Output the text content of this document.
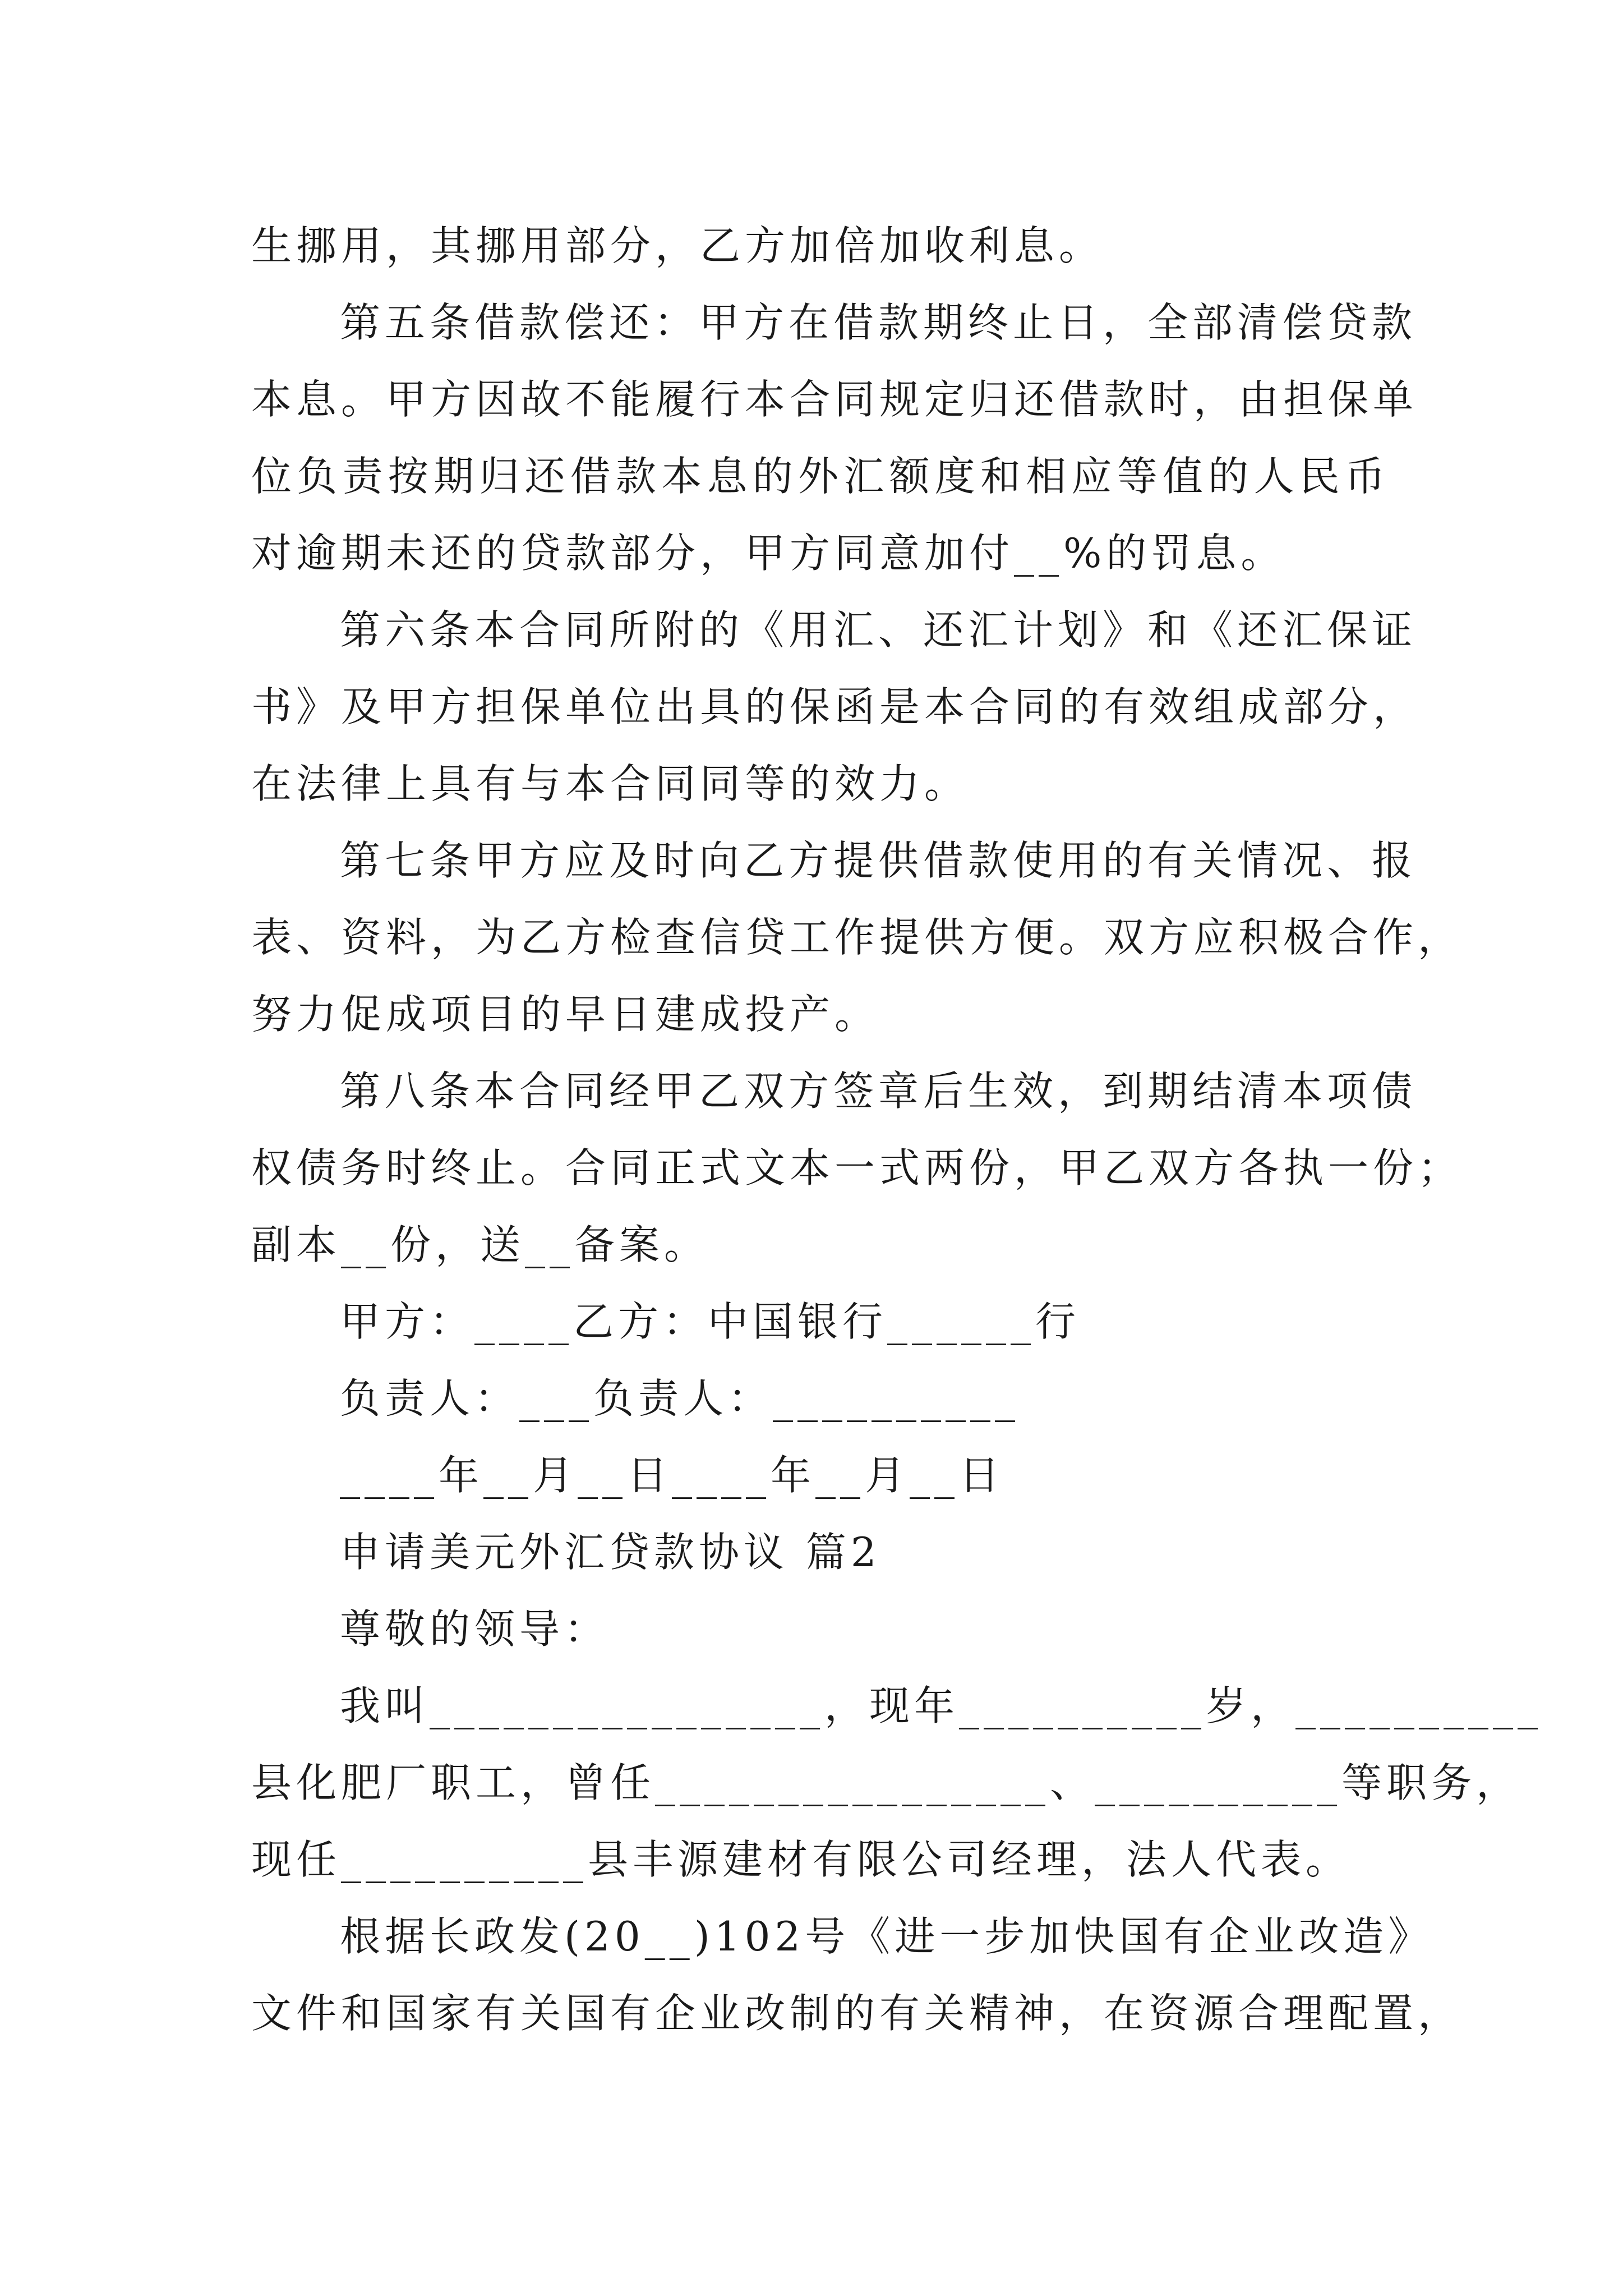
生挪用，其挪用部分，乙方加倍加收利息。
第五条借款偿还：甲方在借款期终止日，全部清偿贷款
本息。甲方因故不能履行本合同规定归还借款时，由担保单
位负责按期归还借款本息的外汇额度和相应等值的人民币
对逾期未还的贷款部分，甲方同意加付__%的罚息。
第六条本合同所附的《用汇、还汇计划》和《还汇保证
书》及甲方担保单位出具的保函是本合同的有效组成部分，
在法律上具有与本合同同等的效力。
第七条甲方应及时向乙方提供借款使用的有关情况、报
表、资料，为乙方检查信贷工作提供方便。双方应积极合作，
努力促成项目的早日建成投产。
第八条本合同经甲乙双方签章后生效，到期结清本项债
权债务时终止。合同正式文本一式两份，甲乙双方各执一份；
副本__份，送__备案。
甲方：____乙方：中国银行______行
负责人：___负责人：__________
____年__月__日____年__月__日
申请美元外汇贷款协议 篇2
尊敬的领导：
我叫________________，现年__________岁，__________
县化肥厂职工，曾任________________、__________等职务，
现任__________县丰源建材有限公司经理，法人代表。
根据长政发(20__)102号《进一步加快国有企业改造》
文件和国家有关国有企业改制的有关精神，在资源合理配置，
